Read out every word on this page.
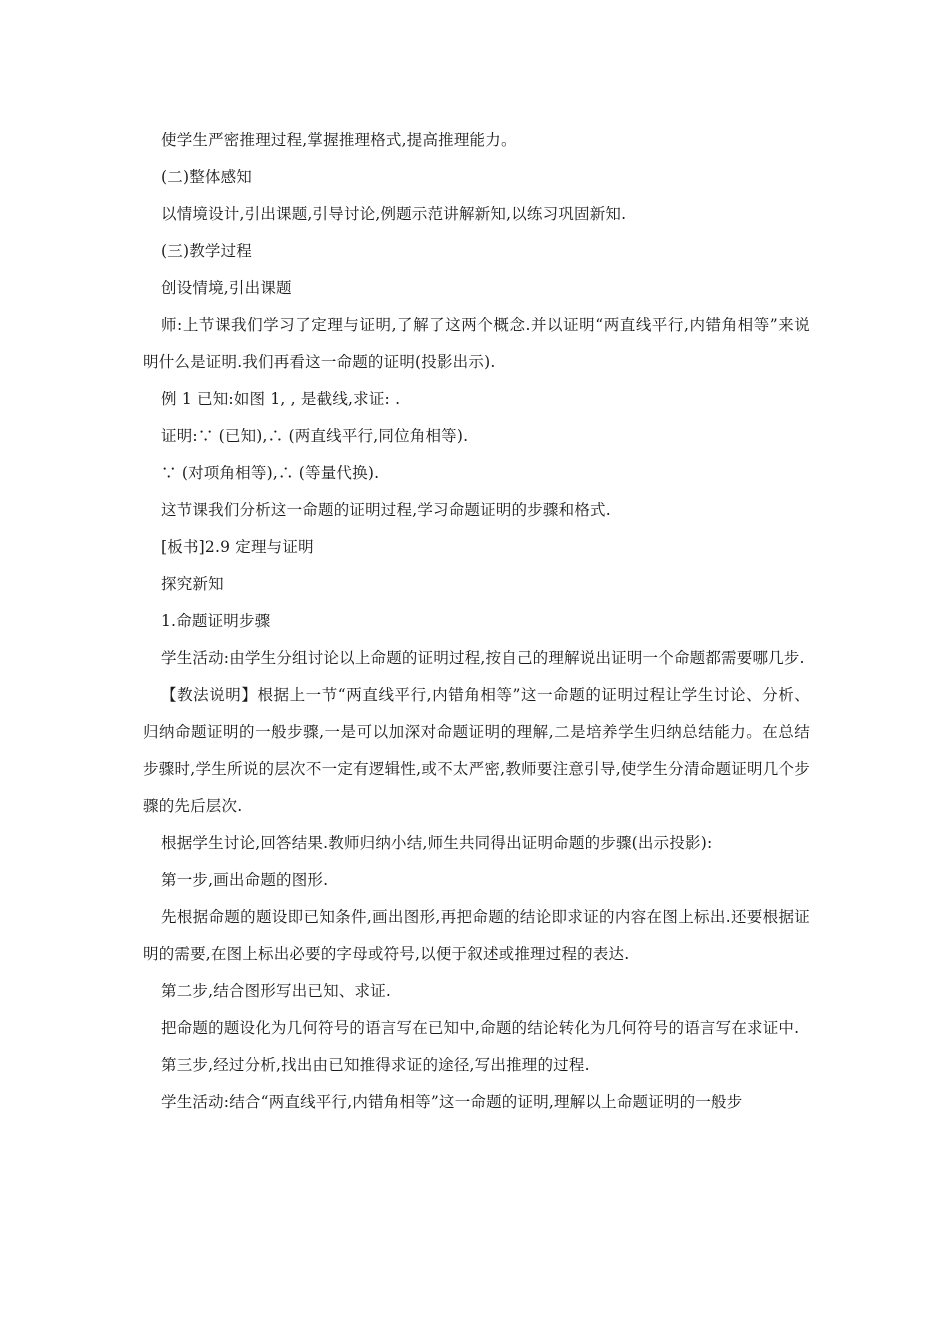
使学生严密推理过程,掌握推理格式,提高推理能力。

(二)整体感知

以情境设计,引出课题,引导讨论,例题示范讲解新知,以练习巩固新知.

(三)教学过程

创设情境,引出课题

师:上节课我们学习了定理与证明,了解了这两个概念.并以证明“两直线平行,内错角相等”来说明什么是证明.我们再看这一命题的证明(投影出示).

例 1 已知:如图 1, , 是截线,求证: .

证明:∵ (已知),∴ (两直线平行,同位角相等).

∵ (对项角相等),∴ (等量代换).

这节课我们分析这一命题的证明过程,学习命题证明的步骤和格式.

[板书]2.9 定理与证明

探究新知

1.命题证明步骤

学生活动:由学生分组讨论以上命题的证明过程,按自己的理解说出证明一个命题都需要哪几步.

【教法说明】根据上一节“两直线平行,内错角相等”这一命题的证明过程让学生讨论、分析、归纳命题证明的一般步骤,一是可以加深对命题证明的理解,二是培养学生归纳总结能力。在总结步骤时,学生所说的层次不一定有逻辑性,或不太严密,教师要注意引导,使学生分清命题证明几个步骤的先后层次.

根据学生讨论,回答结果.教师归纳小结,师生共同得出证明命题的步骤(出示投影):

第一步,画出命题的图形.

先根据命题的题设即已知条件,画出图形,再把命题的结论即求证的内容在图上标出.还要根据证明的需要,在图上标出必要的字母或符号,以便于叙述或推理过程的表达.

第二步,结合图形写出已知、求证.

把命题的题设化为几何符号的语言写在已知中,命题的结论转化为几何符号的语言写在求证中.

第三步,经过分析,找出由已知推得求证的途径,写出推理的过程.

学生活动:结合“两直线平行,内错角相等”这一命题的证明,理解以上命题证明的一般步
